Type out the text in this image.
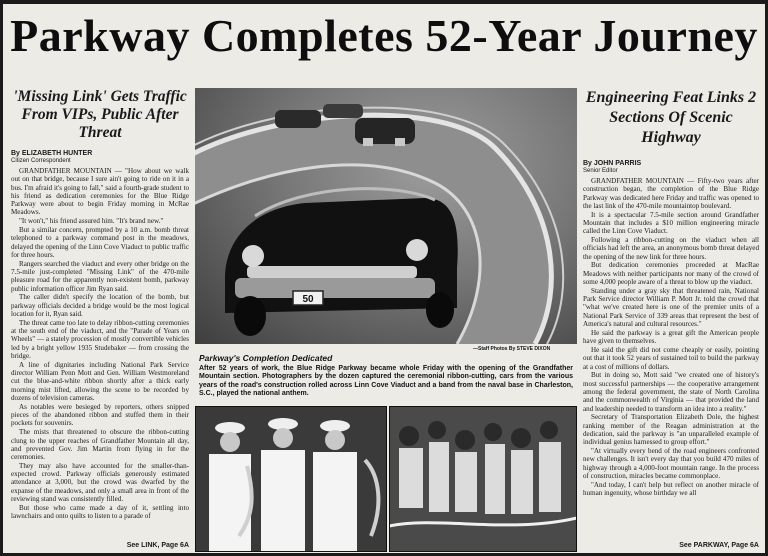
Parkway Completes 52-Year Journey
'Missing Link' Gets Traffic From VIPs, Public After Threat
By ELIZABETH HUNTER
Citizen Correspondent

GRANDFATHER MOUNTAIN — "How about we walk out on that bridge, because I sure ain't going to ride on it in a bus. I'm afraid it's going to fall," said a fourth-grade student to his friend as dedication ceremonies for the Blue Ridge Parkway were about to begin Friday morning in McRae Meadows.

"It won't," his friend assured him. "It's brand new."

But a similar concern, prompted by a 10 a.m. bomb threat telephoned to a parkway command post in the meadows, delayed the opening of the Linn Cove Viaduct to public traffic for three hours.

Rangers searched the viaduct and every other bridge on the 7.5-mile just-completed "Missing Link" of the 470-mile pleasure road for the apparently non-existent bomb, parkway public information officer Jim Ryan said.

The caller didn't specify the location of the bomb, but parkway officials decided a bridge would be the most logical location for it, Ryan said.

The threat came too late to delay ribbon-cutting ceremonies at the south end of the viaduct, and the "Parade of Years on Wheels" — a stately procession of mostly convertible vehicles led by a bright yellow 1935 Studebaker — from crossing the bridge.

A line of dignitaries including National Park Service director William Penn Mott and Gen. William Westmoreland cut the blue-and-white ribbon shortly after a thick early morning mist lifted, allowing the scene to be recorded by dozens of television cameras.

As notables were besieged by reporters, others snipped pieces of the abandoned ribbon and stuffed them in their pockets for souvenirs.

The mists that threatened to obscure the ribbon-cutting clung to the upper reaches of Grandfather Mountain all day, and prevented Gov. Jim Martin from flying in for the ceremonies.

They may also have accounted for the smaller-than-expected crowd. Parkway officials generously estimated attendance at 3,000, but the crowd was dwarfed by the expanse of the meadows, and only a small area in front of the reviewing stand was consistently filled.

But those who came made a day of it, settling into lawnchairs and onto quilts to listen to a parade of

See LINK, Page 6A
50
—Staff Photos By STEVE DIXON
Parkway's Completion Dedicated
After 52 years of work, the Blue Ridge Parkway became whole Friday with the opening of the Grandfather Mountain section. Photographers by the dozen captured the ceremonial ribbon-cutting, cars from the various years of the road's construction rolled across Linn Cove Viaduct and a band from the naval base in Charleston, S.C., played the national anthem.
Engineering Feat Links 2 Sections Of Scenic Highway
By JOHN PARRIS
Senior Editor

GRANDFATHER MOUNTAIN — Fifty-two years after construction began, the completion of the Blue Ridge Parkway was dedicated here Friday and traffic was opened to the last link of the 470-mile mountaintop boulevard.

It is a spectacular 7.5-mile section around Grandfather Mountain that includes a $10 million engineering miracle called the Linn Cove Viaduct.

Following a ribbon-cutting on the viaduct when all officials had left the area, an anonymous bomb threat delayed the opening of the new link for three hours.

But dedication ceremonies proceeded at MacRae Meadows with neither participants nor many of the crowd of some 4,000 people aware of a threat to blow up the viaduct.

Standing under a gray sky that threatened rain, National Park Service director William P. Mott Jr. told the crowd that "what we've created here is one of the premier units of a National Park Service of 339 areas that represent the best of America's natural and cultural resources."

He said the parkway is a great gift the American people have given to themselves.

He said the gift did not come cheaply or easily, pointing out that it took 52 years of sustained toil to build the parkway at a cost of millions of dollars.

But in doing so, Mott said "we created one of history's most successful partnerships — the cooperative arrangement among the federal government, the state of North Carolina and the commonwealth of Virginia — that provided the land and leadership needed to transform an idea into a reality."

Secretary of Transportation Elizabeth Dole, the highest ranking member of the Reagan administration at the dedication, said the parkway is "an unparalleled example of individual genius harnessed to group effort."

"At virtually every bend of the road engineers confronted new challenges. It isn't every day that you build 470 miles of highway through a 4,000-foot mountain range. In the process of construction, miracles became commonplace.

"And today, I can't help but reflect on another miracle of human ingenuity, whose birthday we all

See PARKWAY, Page 6A
